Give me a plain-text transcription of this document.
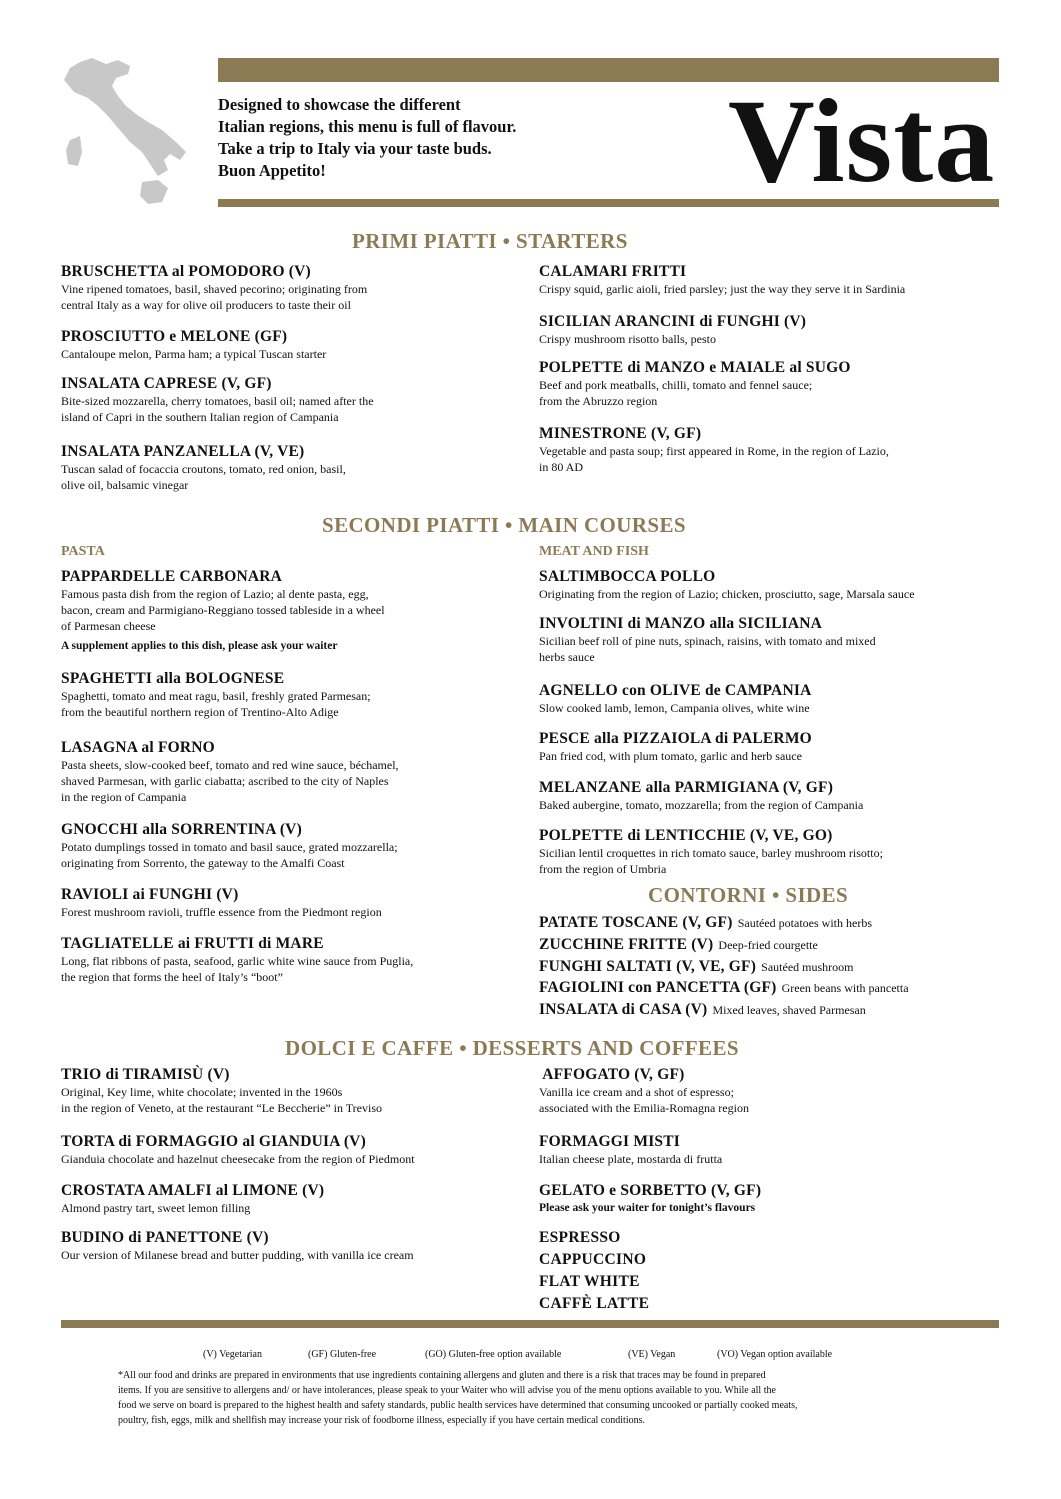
Designed to showcase the different
Italian regions, this menu is full of flavour.
Take a trip to Italy via your taste buds.
Buon Appetito!	Vista
PRIMI PIATTI • STARTERS
BRUSCHETTA al POMODORO (V)
Vine ripened tomatoes, basil, shaved pecorino; originating from
central Italy as a way for olive oil producers to taste their oil
PROSCIUTTO e MELONE (GF)
Cantaloupe melon, Parma ham; a typical Tuscan starter
INSALATA CAPRESE (V, GF)
Bite-sized mozzarella, cherry tomatoes, basil oil; named after the
island of Capri in the southern Italian region of Campania
INSALATA PANZANELLA (V, VE)
Tuscan salad of focaccia croutons, tomato, red onion, basil,
olive oil, balsamic vinegar
CALAMARI FRITTI
Crispy squid, garlic aioli, fried parsley; just the way they serve it in Sardinia
SICILIAN ARANCINI di FUNGHI (V)
Crispy mushroom risotto balls, pesto
POLPETTE di MANZO e MAIALE al SUGO
Beef and pork meatballs, chilli, tomato and fennel sauce;
from the Abruzzo region
MINESTRONE (V, GF)
Vegetable and pasta soup; first appeared in Rome, in the region of Lazio,
in 80 AD
SECONDI PIATTI • MAIN COURSES
PASTA	MEAT AND FISH
PAPPARDELLE CARBONARA
Famous pasta dish from the region of Lazio; al dente pasta, egg,
bacon, cream and Parmigiano-Reggiano tossed tableside in a wheel
of Parmesan cheese
A supplement applies to this dish, please ask your waiter
SPAGHETTI alla BOLOGNESE
Spaghetti, tomato and meat ragu, basil, freshly grated Parmesan;
from the beautiful northern region of Trentino-Alto Adige
LASAGNA al FORNO
Pasta sheets, slow-cooked beef, tomato and red wine sauce, béchamel,
shaved Parmesan, with garlic ciabatta; ascribed to the city of Naples
in the region of Campania
GNOCCHI alla SORRENTINA (V)
Potato dumplings tossed in tomato and basil sauce, grated mozzarella;
originating from Sorrento, the gateway to the Amalfi Coast
RAVIOLI ai FUNGHI (V)
Forest mushroom ravioli, truffle essence from the Piedmont region
TAGLIATELLE ai FRUTTI di MARE
Long, flat ribbons of pasta, seafood, garlic white wine sauce from Puglia,
the region that forms the heel of Italy’s “boot”
SALTIMBOCCA POLLO
Originating from the region of Lazio; chicken, prosciutto, sage, Marsala sauce
INVOLTINI di MANZO alla SICILIANA
Sicilian beef roll of pine nuts, spinach, raisins, with tomato and mixed
herbs sauce
AGNELLO con OLIVE de CAMPANIA
Slow cooked lamb, lemon, Campania olives, white wine
PESCE alla PIZZAIOLA di PALERMO
Pan fried cod, with plum tomato, garlic and herb sauce
MELANZANE alla PARMIGIANA (V, GF)
Baked aubergine, tomato, mozzarella; from the region of Campania
POLPETTE di LENTICCHIE (V, VE, GO)
Sicilian lentil croquettes in rich tomato sauce, barley mushroom risotto;
from the region of Umbria
CONTORNI • SIDES
PATATE TOSCANE (V, GF) Sautéed potatoes with herbs
ZUCCHINE FRITTE (V) Deep-fried courgette
FUNGHI SALTATI (V, VE, GF) Sautéed mushroom
FAGIOLINI con PANCETTA (GF) Green beans with pancetta
INSALATA di CASA (V) Mixed leaves, shaved Parmesan
DOLCI E CAFFE • DESSERTS AND COFFEES
TRIO di TIRAMISÙ (V)
Original, Key lime, white chocolate; invented in the 1960s
in the region of Veneto, at the restaurant “Le Beccherie” in Treviso
TORTA di FORMAGGIO al GIANDUIA (V)
Gianduia chocolate and hazelnut cheesecake from the region of Piedmont
CROSTATA AMALFI al LIMONE (V)
Almond pastry tart, sweet lemon filling
BUDINO di PANETTONE (V)
Our version of Milanese bread and butter pudding, with vanilla ice cream
AFFOGATO (V, GF)
Vanilla ice cream and a shot of espresso;
associated with the Emilia-Romagna region
FORMAGGI MISTI
Italian cheese plate, mostarda di frutta
GELATO e SORBETTO (V, GF)
Please ask your waiter for tonight’s flavours
ESPRESSO
CAPPUCCINO
FLAT WHITE
CAFFÈ LATTE
(V) Vegetarian	(GF) Gluten-free	(GO) Gluten-free option available	(VE) Vegan	(VO) Vegan option available
*All our food and drinks are prepared in environments that use ingredients containing allergens and gluten and there is a risk that traces may be found in prepared
items. If you are sensitive to allergens and/ or have intolerances, please speak to your Waiter who will advise you of the menu options available to you. While all the
food we serve on board is prepared to the highest health and safety standards, public health services have determined that consuming uncooked or partially cooked meats,
poultry, fish, eggs, milk and shellfish may increase your risk of foodborne illness, especially if you have certain medical conditions.
